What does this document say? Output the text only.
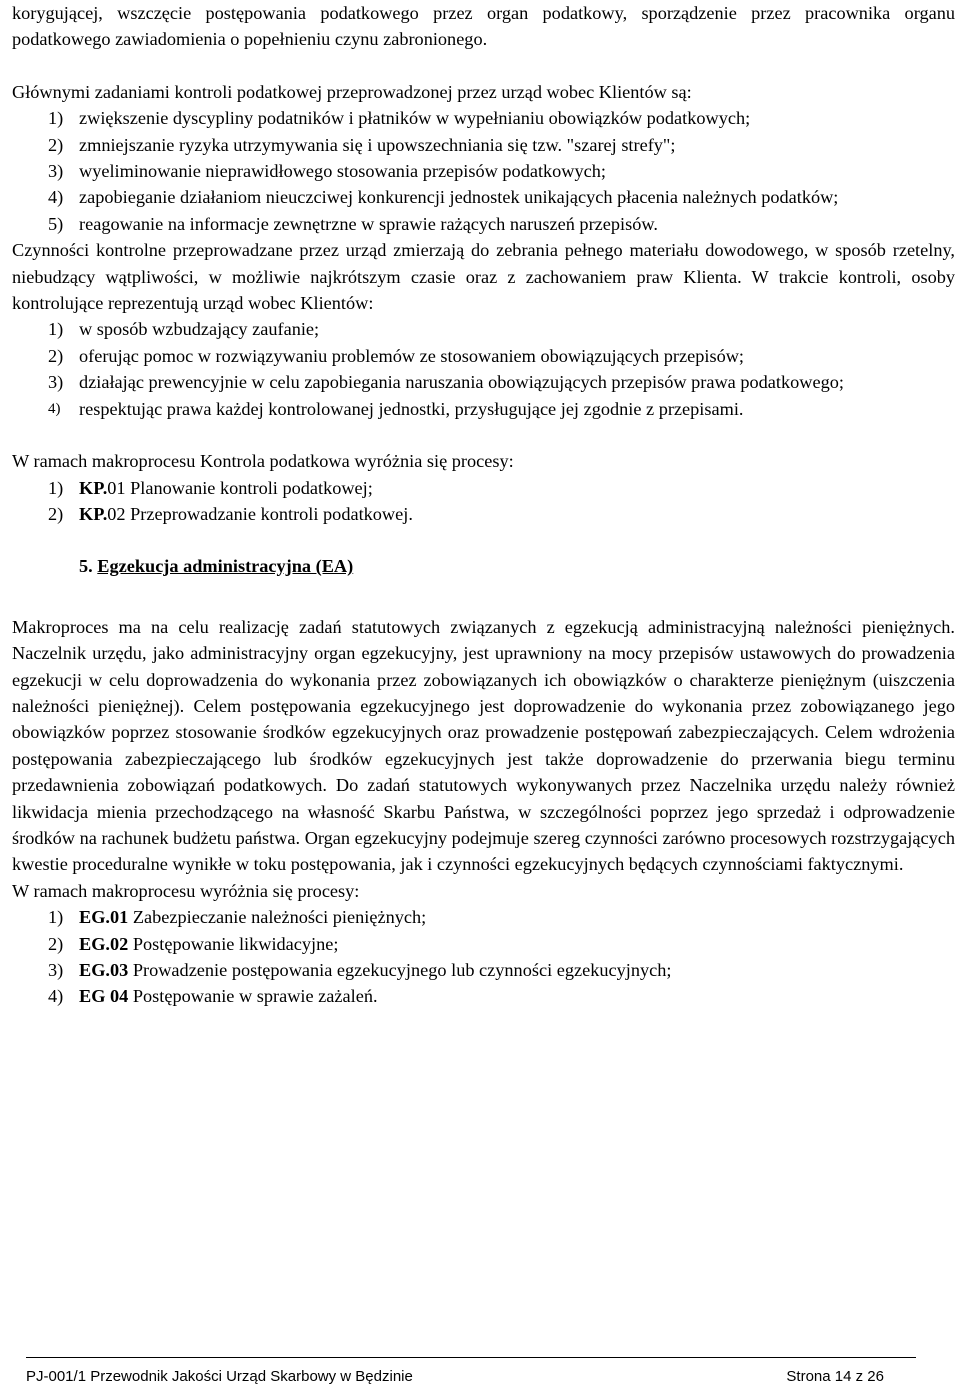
korygującej, wszczęcie postępowania podatkowego przez organ podatkowy, sporządzenie przez pracownika organu podatkowego zawiadomienia o popełnieniu czynu zabronionego.

Głównymi zadaniami kontroli podatkowej przeprowadzonej przez urząd wobec Klientów są:

1) zwiększenie dyscypliny podatników i płatników w wypełnianiu obowiązków podatkowych;
2) zmniejszanie ryzyka utrzymywania się i upowszechniania się tzw. "szarej strefy";
3) wyeliminowanie nieprawidłowego stosowania przepisów podatkowych;
4) zapobieganie działaniom nieuczciwej konkurencji jednostek unikających płacenia należnych podatków;
5) reagowanie na informacje zewnętrzne w sprawie rażących naruszeń przepisów.

Czynności kontrolne przeprowadzane przez urząd zmierzają do zebrania pełnego materiału dowodowego, w sposób rzetelny, niebudzący wątpliwości, w możliwie najkrótszym czasie oraz z zachowaniem praw Klienta. W trakcie kontroli, osoby kontrolujące reprezentują urząd wobec Klientów:

1) w sposób wzbudzający zaufanie;
2) oferując pomoc w rozwiązywaniu problemów ze stosowaniem obowiązujących przepisów;
3) działając prewencyjnie w celu zapobiegania naruszania obowiązujących przepisów prawa podatkowego;
4) respektując prawa każdej kontrolowanej jednostki, przysługujące jej zgodnie z przepisami.

W ramach makroprocesu Kontrola podatkowa wyróżnia się procesy:

1) KP.01 Planowanie kontroli podatkowej;
2) KP.02 Przeprowadzanie kontroli podatkowej.
5. Egzekucja administracyjna (EA)

Makroproces ma na celu realizację zadań statutowych związanych z egzekucją administracyjną należności pieniężnych. Naczelnik urzędu, jako administracyjny organ egzekucyjny, jest uprawniony na mocy przepisów ustawowych do prowadzenia egzekucji w celu doprowadzenia do wykonania przez zobowiązanych ich obowiązków o charakterze pieniężnym (uiszczenia należności pieniężnej). Celem postępowania egzekucyjnego jest doprowadzenie do wykonania przez zobowiązanego jego obowiązków poprzez stosowanie środków egzekucyjnych oraz prowadzenie postępowań zabezpieczających. Celem wdrożenia postępowania zabezpieczającego lub środków egzekucyjnych jest także doprowadzenie do przerwania biegu terminu przedawnienia zobowiązań podatkowych. Do zadań statutowych wykonywanych przez Naczelnika urzędu należy również likwidacja mienia przechodzącego na własność Skarbu Państwa, w szczególności poprzez jego sprzedaż i odprowadzenie środków na rachunek budżetu państwa. Organ egzekucyjny podejmuje szereg czynności zarówno procesowych rozstrzygających kwestie proceduralne wynikłe w toku postępowania, jak i czynności egzekucyjnych będących czynnościami faktycznymi.

W ramach makroprocesu wyróżnia się procesy:

1) EG.01 Zabezpieczanie należności pieniężnych;
2) EG.02 Postępowanie likwidacyjne;
3) EG.03 Prowadzenie postępowania egzekucyjnego lub czynności egzekucyjnych;
4) EG 04 Postępowanie w sprawie zażaleń.
PJ-001/1 Przewodnik Jakości Urząd Skarbowy w Będzinie	Strona 14 z 26
